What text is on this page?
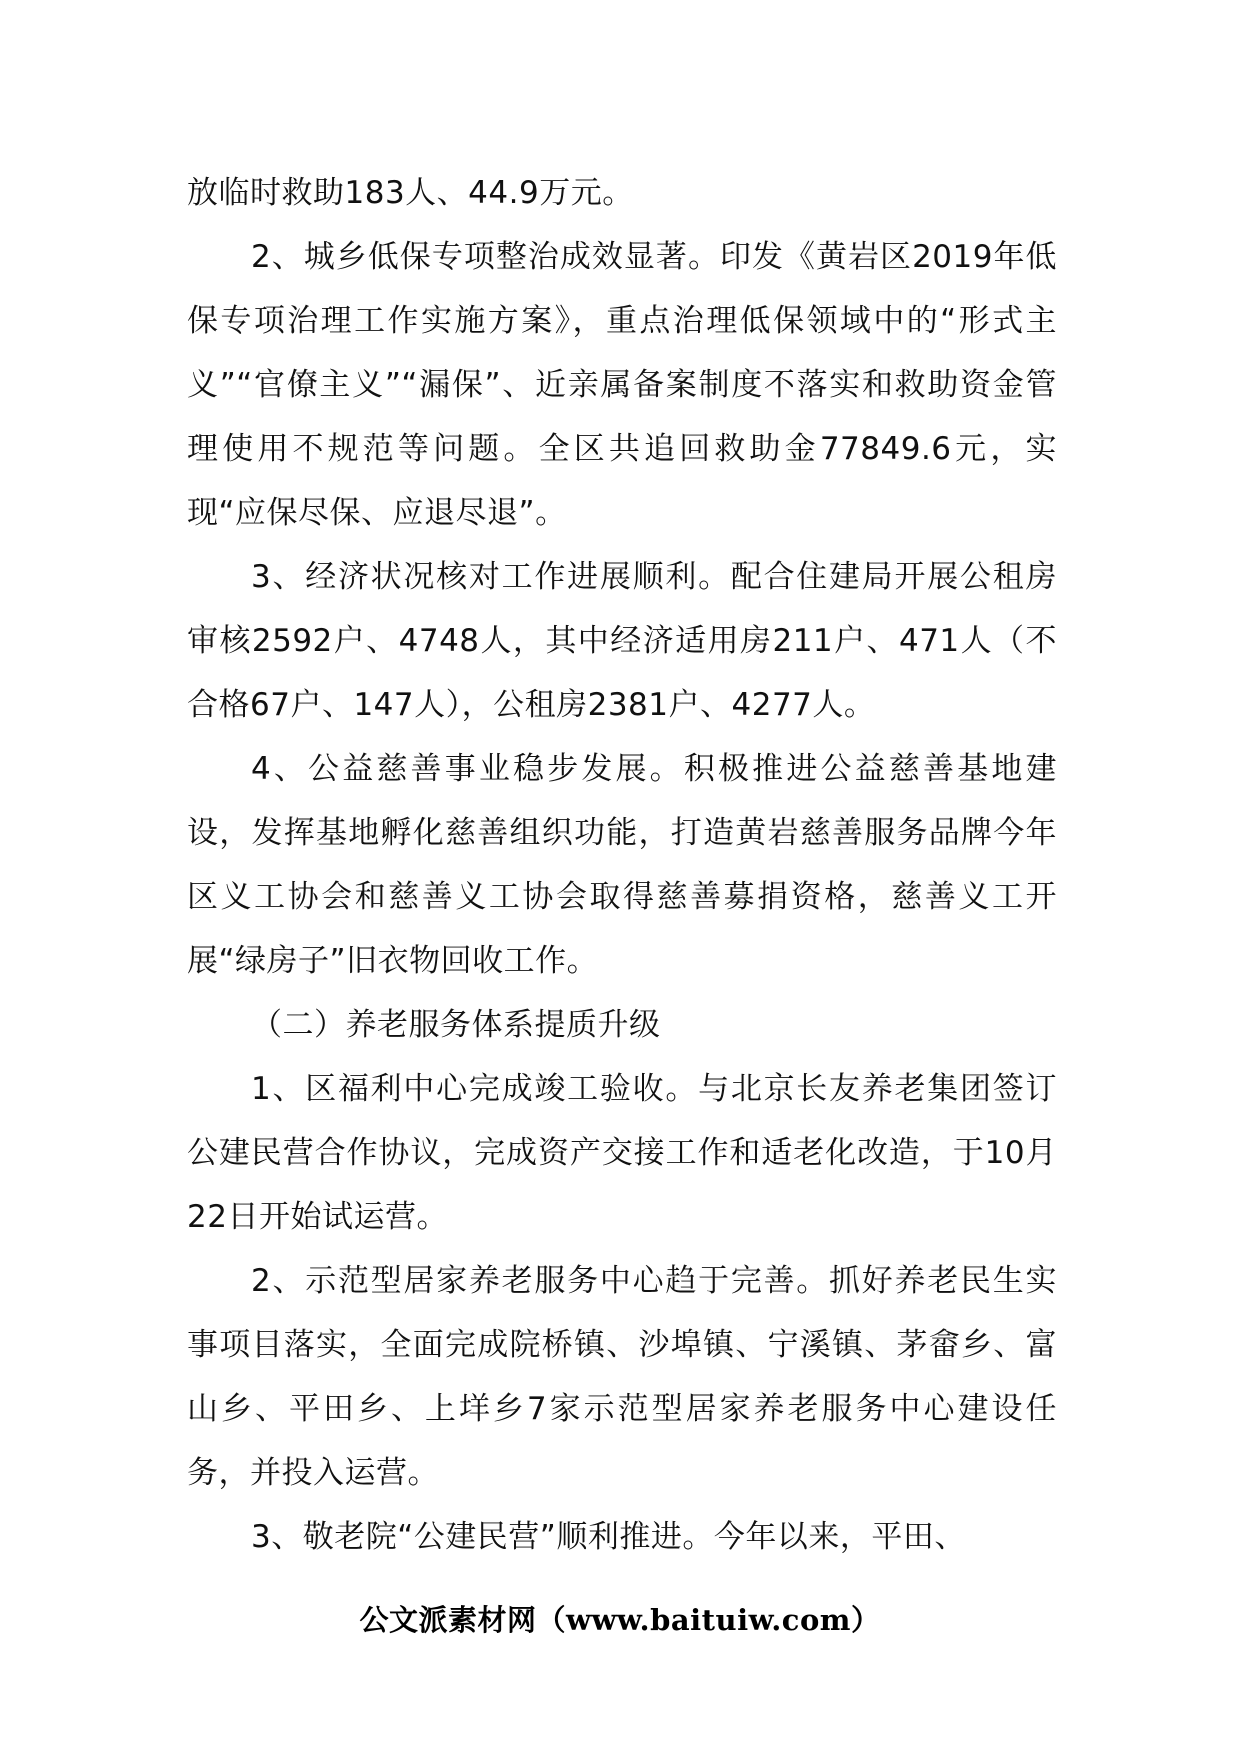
放临时救助183人、44.9万元。

2、城乡低保专项整治成效显著。印发《黄岩区2019年低保专项治理工作实施方案》，重点治理低保领域中的“形式主义”“官僚主义”“漏保”、近亲属备案制度不落实和救助资金管理使用不规范等问题。全区共追回救助金77849.6元，实现“应保尽保、应退尽退”。

3、经济状况核对工作进展顺利。配合住建局开展公租房审核2592户、4748人，其中经济适用房211户、471人（不合格67户、147人），公租房2381户、4277人。

4、公益慈善事业稳步发展。积极推进公益慈善基地建设，发挥基地孵化慈善组织功能，打造黄岩慈善服务品牌今年区义工协会和慈善义工协会取得慈善募捐资格，慈善义工开展“绿房子”旧衣物回收工作。

（二）养老服务体系提质升级

1、区福利中心完成竣工验收。与北京长友养老集团签订公建民营合作协议，完成资产交接工作和适老化改造，于10月22日开始试运营。

2、示范型居家养老服务中心趋于完善。抓好养老民生实事项目落实，全面完成院桥镇、沙埠镇、宁溪镇、茅畲乡、富山乡、平田乡、上垟乡7家示范型居家养老服务中心建设任务，并投入运营。

3、敬老院“公建民营”顺利推进。今年以来，平田、

公文派素材网（www.baituiw.com）
